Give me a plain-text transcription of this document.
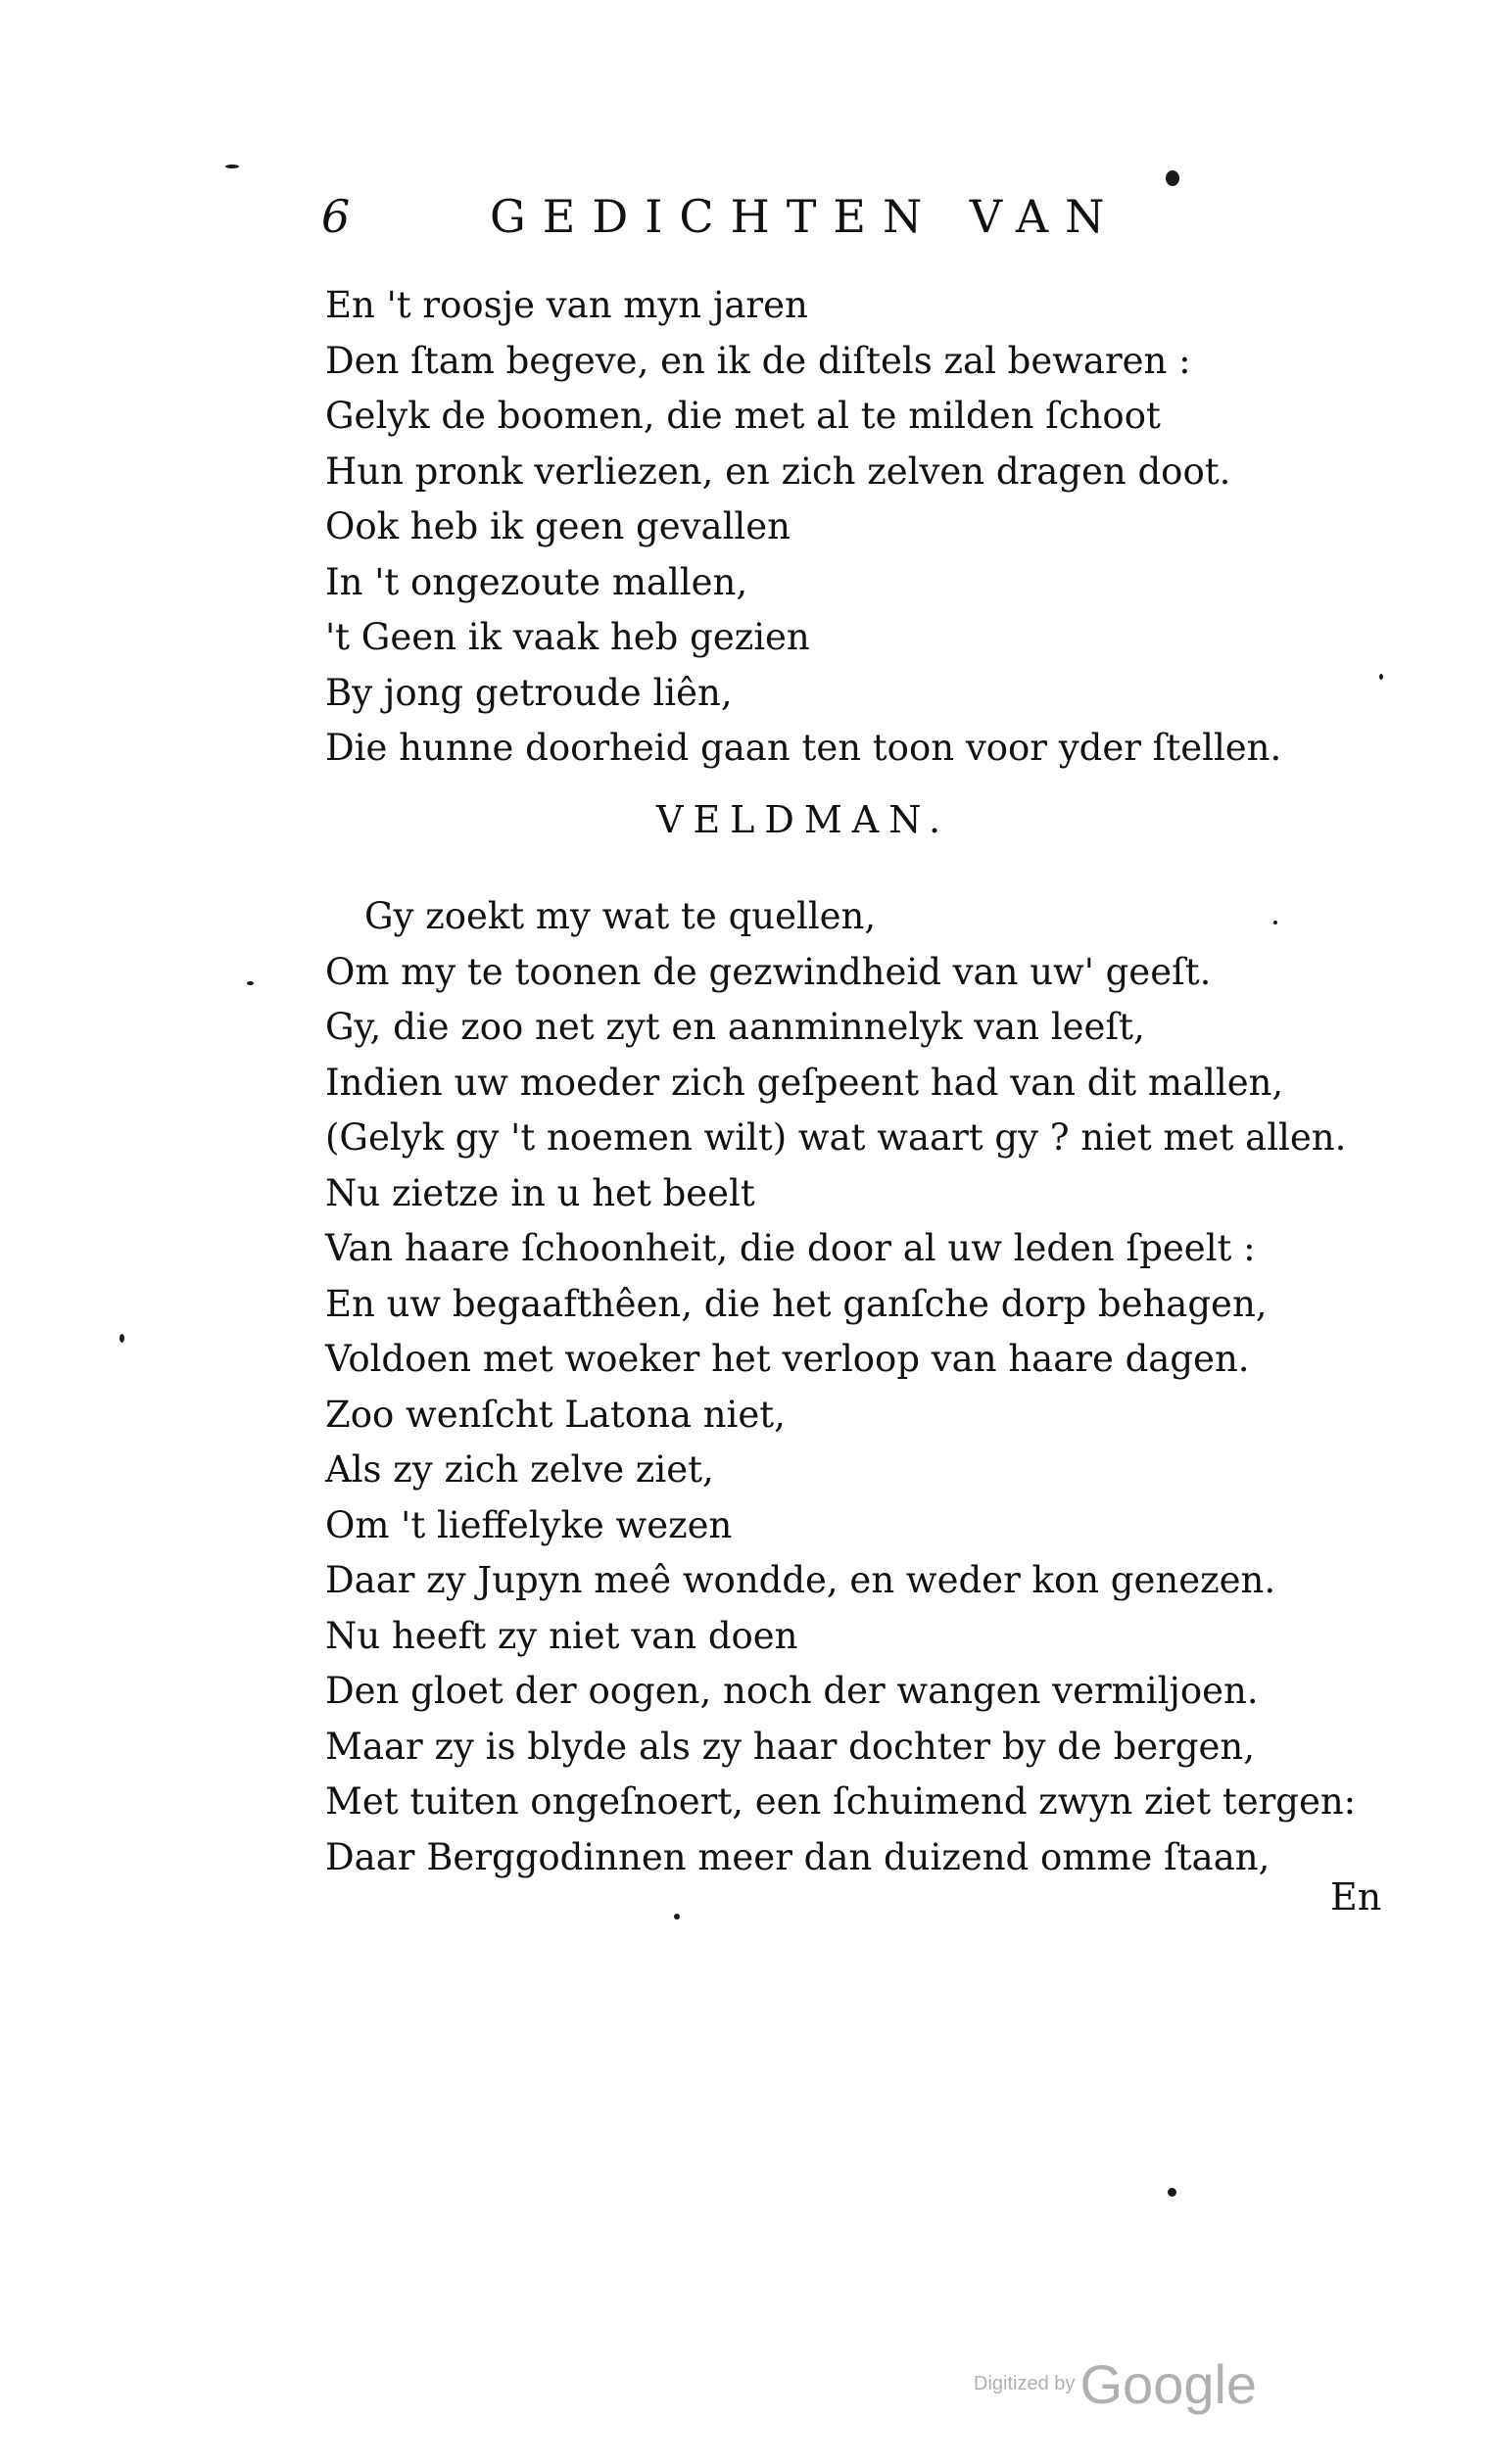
6	GEDICHTEN VAN
En 't roosje van myn jaren
Den ſtam begeve, en ik de diſtels zal bewaren :
Gelyk de boomen, die met al te milden ſchoot
Hun pronk verliezen, en zich zelven dragen doot.
Ook heb ik geen gevallen
In 't ongezoute mallen,
't Geen ik vaak heb gezien
By jong getroude liên,
Die hunne doorheid gaan ten toon voor yder ſtellen.
VELDMAN.
Gy zoekt my wat te quellen,
Om my te toonen de gezwindheid van uw' geeſt.
Gy, die zoo net zyt en aanminnelyk van leeſt,
Indien uw moeder zich geſpeent had van dit mallen,
(Gelyk gy 't noemen wilt) wat waart gy ? niet met allen.
Nu zietze in u het beelt
Van haare ſchoonheit, die door al uw leden ſpeelt :
En uw begaafthêen, die het ganſche dorp behagen,
Voldoen met woeker het verloop van haare dagen.
Zoo wenſcht Latona niet,
Als zy zich zelve ziet,
Om 't lieffelyke wezen
Daar zy Jupyn meê wondde, en weder kon genezen.
Nu heeft zy niet van doen
Den gloet der oogen, noch der wangen vermiljoen.
Maar zy is blyde als zy haar dochter by de bergen,
Met tuiten ongeſnoert, een ſchuimend zwyn ziet tergen:
Daar Berggodinnen meer dan duizend omme ſtaan,
En
Digitized by Google
